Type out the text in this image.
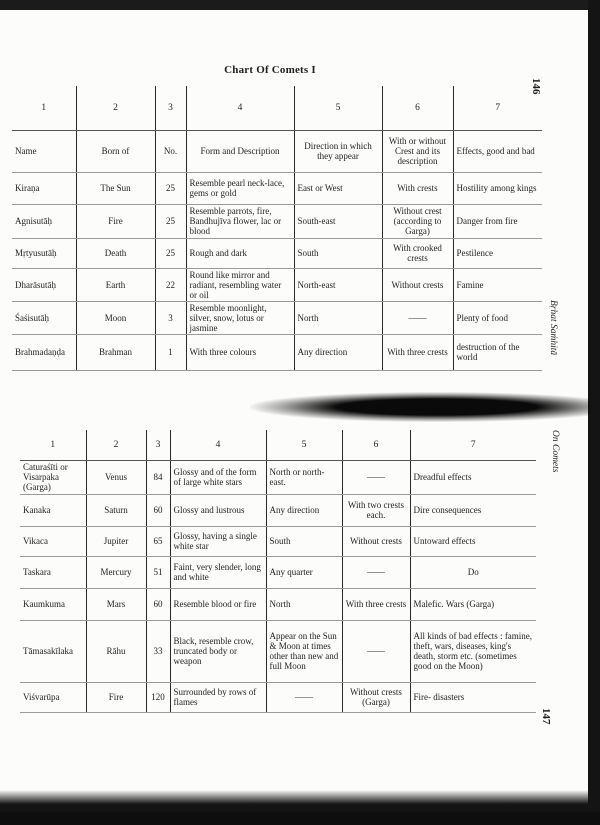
Chart Of Comets I
146
Bṛhat Saṁhitā
On Comets
147
1	2	3	4	5	6	7
Name	Born of	No.	Form and Description	Direction in which they appear	With or without Crest and its description	Effects, good and bad
Kiraṇa	The Sun	25	Resemble pearl neck-lace, gems or gold	East or West	With crests	Hostility among kings
Agnisutāḥ	Fire	25	Resemble parrots, fire, Bandhujīva flower, lac or blood	South-east	Without crest (according to Garga)	Danger from fire
Mṛtyusutāḥ	Death	25	Rough and dark	South	With crooked crests	Pestilence
Dharāsutāḥ	Earth	22	Round like mirror and radiant, resembling water or oil	North-east	Without crests	Famine
Śaśisutāḥ	Moon	3	Resemble moonlight, silver, snow, lotus or jasmine	North	——	Plenty of food
Brahmadaṇḍa	Brahman	1	With three colours	Any direction	With three crests	destruction of the world
1	2	3	4	5	6	7
Caturaśīti or Visarpaka (Garga)	Venus	84	Glossy and of the form of large white stars	North or north-east.	——	Dreadful effects
Kanaka	Saturn	60	Glossy and lustrous	Any direction	With two crests each.	Dire consequences
Vikaca	Jupiter	65	Glossy, having a single white star	South	Without crests	Untoward effects
Taskara	Mercury	51	Faint, very slender, long and white	Any quarter	——	Do
Kaumkuma	Mars	60	Resemble blood or fire	North	With three crests	Malefic. Wars (Garga)
Tāmasakīlaka	Rāhu	33	Black, resemble crow, truncated body or weapon	Appear on the Sun & Moon at times other than new and full Moon	——	All kinds of bad effects : famine, theft, wars, diseases, king's death, storm etc. (sometimes good on the Moon)
Viśvarūpa	Fire	120	Surrounded by rows of flames	——	Without crests (Garga)	Fire- disasters
